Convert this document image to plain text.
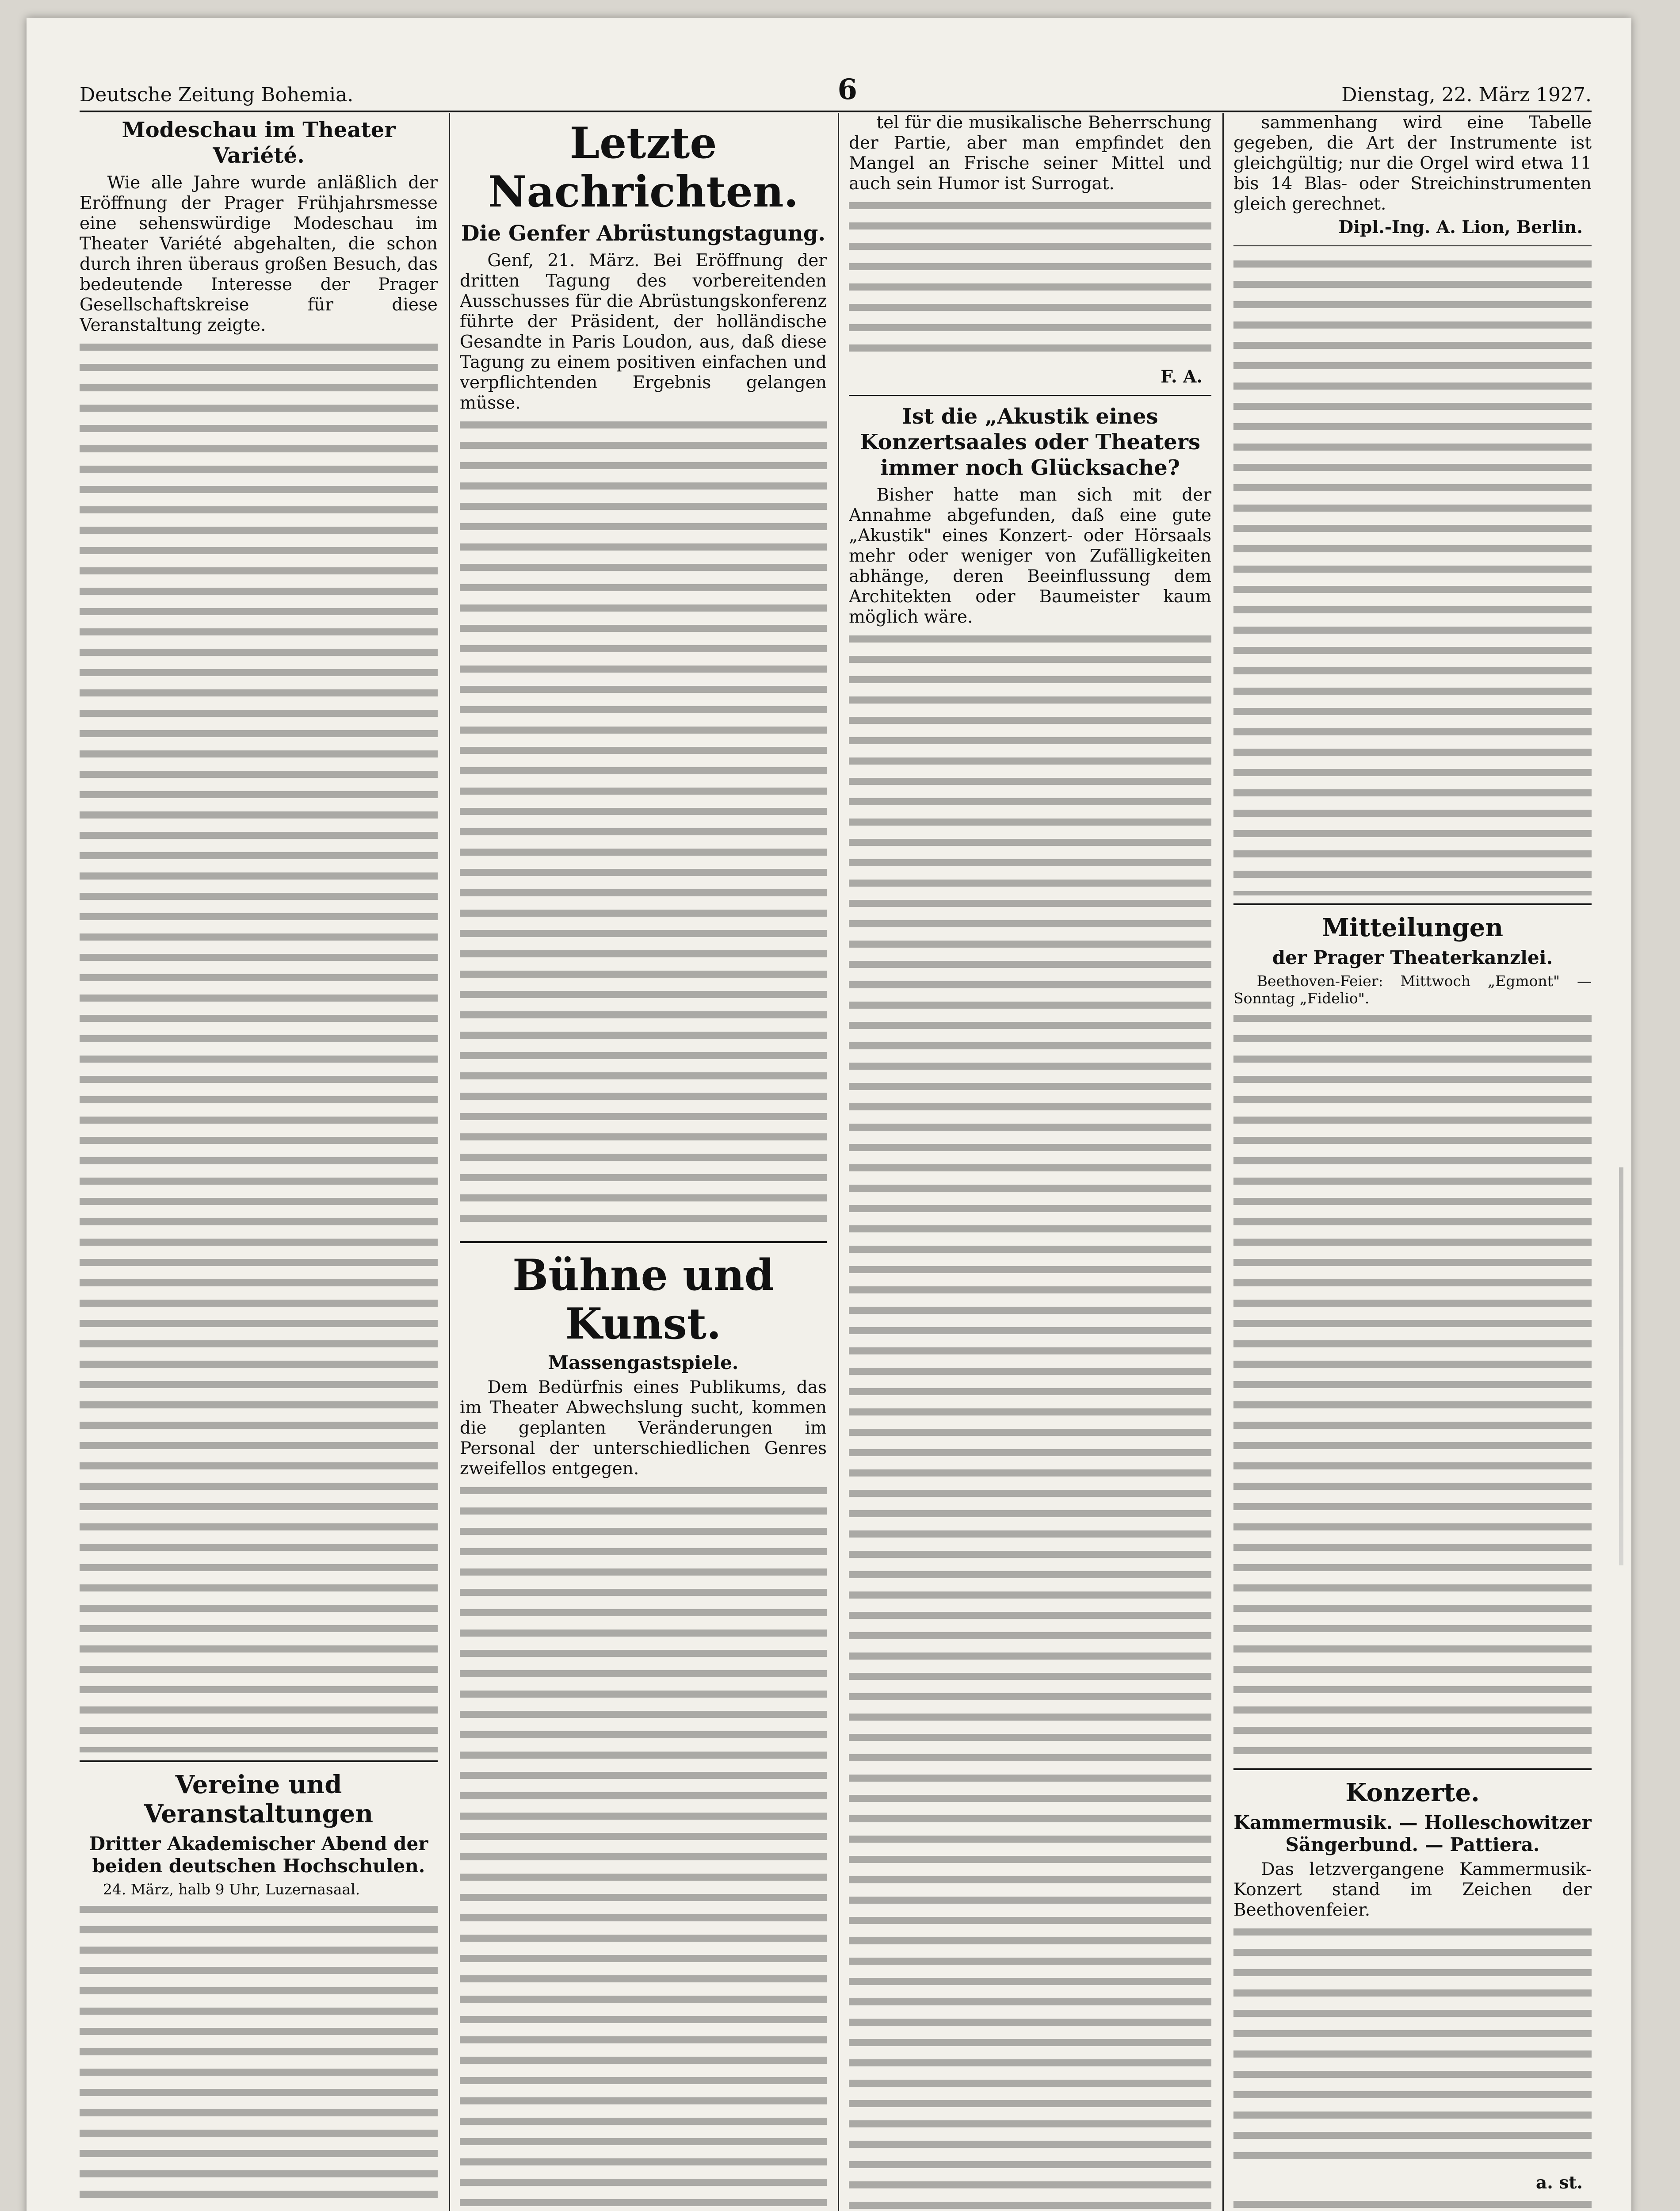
Deutsche Zeitung Bohemia.	6	Dienstag, 22. März 1927.
Modeschau im Theater Variété.

Wie alle Jahre wurde anläßlich der Eröffnung der Prager Frühjahrsmesse eine sehenswürdige Modeschau im Theater Variété abgehalten, die schon durch ihren überaus großen Besuch, das bedeutende Interesse der Prager Gesellschaftskreise für diese Veranstaltung zeigte.

Vereine und Veranstaltungen
Dritter Akademischer Abend der beiden deutschen Hochschulen.

24. März, halb 9 Uhr, Luzernasaal.

Letzte Nachrichten.
Die Genfer Abrüstungstagung.

Genf, 21. März. Bei Eröffnung der dritten Tagung des vorbereitenden Ausschusses für die Abrüstungskonferenz führte der Präsident, der holländische Gesandte in Paris Loudon, aus, daß diese Tagung zu einem positiven einfachen und verpflichtenden Ergebnis gelangen müsse.

Bühne und Kunst.
Massengastspiele.

Dem Bedürfnis eines Publikums, das im Theater Abwechslung sucht, kommen die geplanten Veränderungen im Personal der unterschiedlichen Genres zweifellos entgegen.

tel für die musikalische Beherrschung der Partie, aber man empfindet den Mangel an Frische seiner Mittel und auch sein Humor ist Surrogat.

F. A.
Ist die „Akustik eines Konzertsaales oder Theaters immer noch Glücksache?

Bisher hatte man sich mit der Annahme abgefunden, daß eine gute „Akustik" eines Konzert- oder Hörsaals mehr oder weniger von Zufälligkeiten abhänge, deren Beeinflussung dem Architekten oder Baumeister kaum möglich wäre.

sammenhang wird eine Tabelle gegeben, die Art der Instrumente ist gleichgültig; nur die Orgel wird etwa 11 bis 14 Blas- oder Streichinstrumenten gleich gerechnet.

Dipl.-Ing. A. Lion, Berlin.
Mitteilungen
der Prager Theaterkanzlei.

Beethoven-Feier: Mittwoch „Egmont" — Sonntag „Fidelio".

Konzerte.
Kammermusik. — Holleschowitzer Sängerbund. — Pattiera.

Das letzvergangene Kammermusik-Konzert stand im Zeichen der Beethovenfeier.

a. st.
